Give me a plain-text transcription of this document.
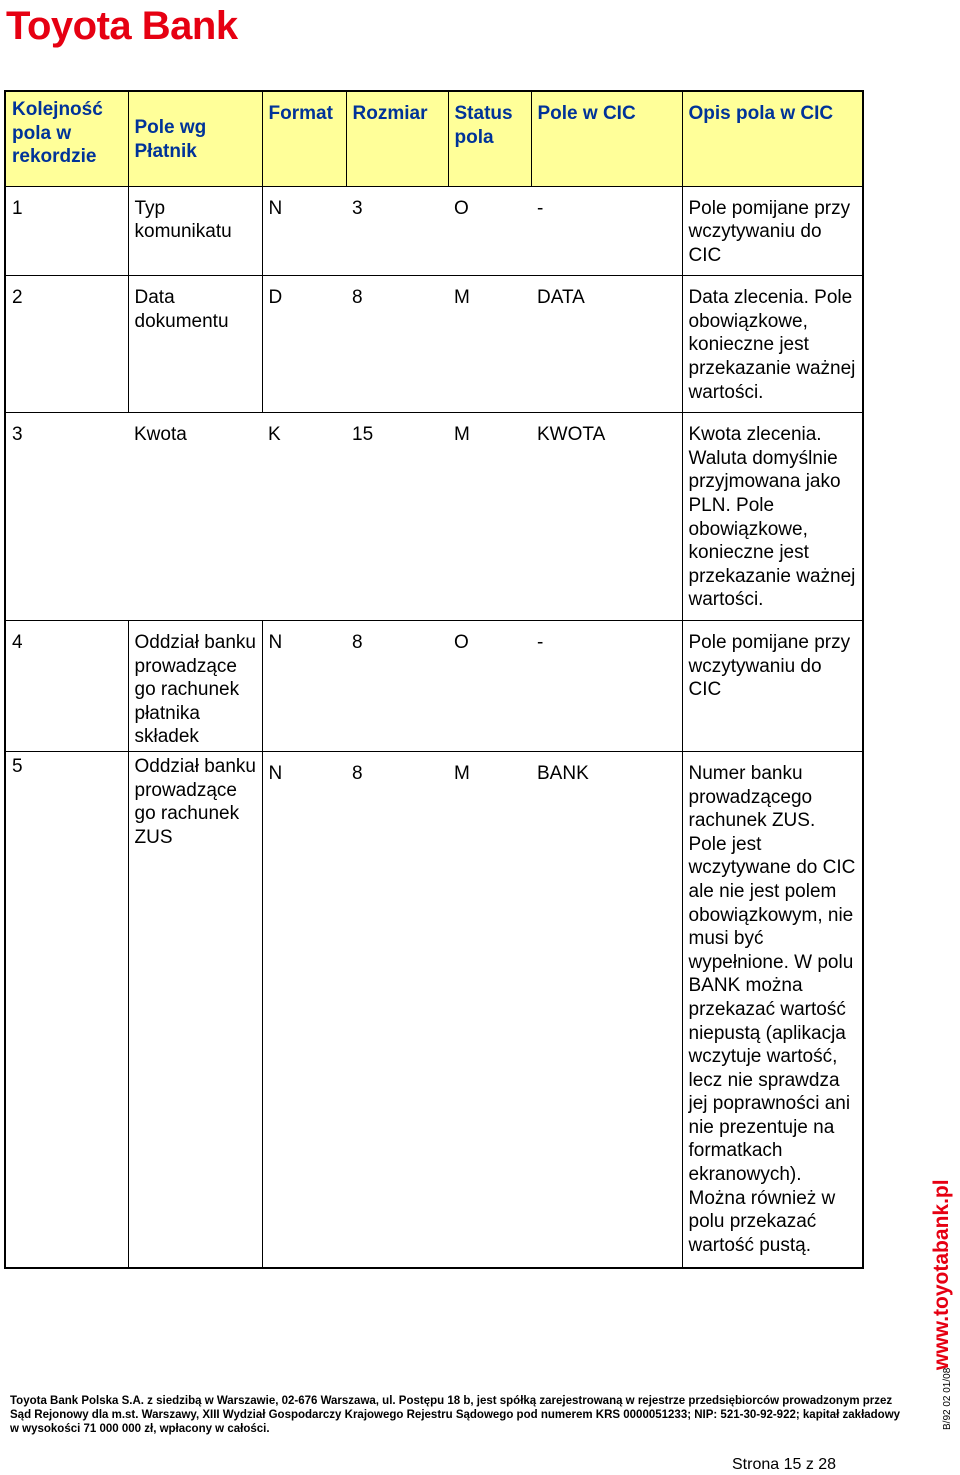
Toyota Bank
Kolejność pola w rekordzie	Pole wg Płatnik	Format	Rozmiar	Status pola	Pole w CIC	Opis pola w CIC
1	Typ komunikatu	N	3	O	-	Pole pomijane przy wczytywaniu do CIC
2	Data dokumentu	D	8	M	DATA	Data zlecenia. Pole obowiązkowe, konieczne jest przekazanie ważnej wartości.
3	Kwota	K	15	M	KWOTA	Kwota zlecenia. Waluta domyślnie przyjmowana jako PLN. Pole obowiązkowe, konieczne jest przekazanie ważnej wartości.
4	Oddział banku prowadzące go rachunek płatnika składek	N	8	O	-	Pole pomijane przy wczytywaniu do CIC
5	Oddział banku prowadzące go rachunek ZUS	N	8	M	BANK	Numer banku prowadzącego rachunek ZUS. Pole jest wczytywane do CIC ale nie jest polem obowiązkowym, nie musi być wypełnione. W polu BANK można przekazać wartość niepustą (aplikacja wczytuje wartość, lecz nie sprawdza jej poprawności ani nie prezentuje na formatkach ekranowych). Można również w polu przekazać wartość pustą.	www.toyotabank.pl
B/92 02 01/08
Toyota Bank Polska S.A. z siedzibą w Warszawie, 02-676 Warszawa, ul. Postępu 18 b, jest spółką zarejestrowaną w rejestrze przedsiębiorców prowadzonym przez Sąd Rejonowy dla m.st. Warszawy, XIII Wydział Gospodarczy Krajowego Rejestru Sądowego pod numerem KRS 0000051233; NIP: 521-30-92-922; kapitał zakładowy w wysokości 71 000 000 zł, wpłacony w całości.
Strona 15 z 28
